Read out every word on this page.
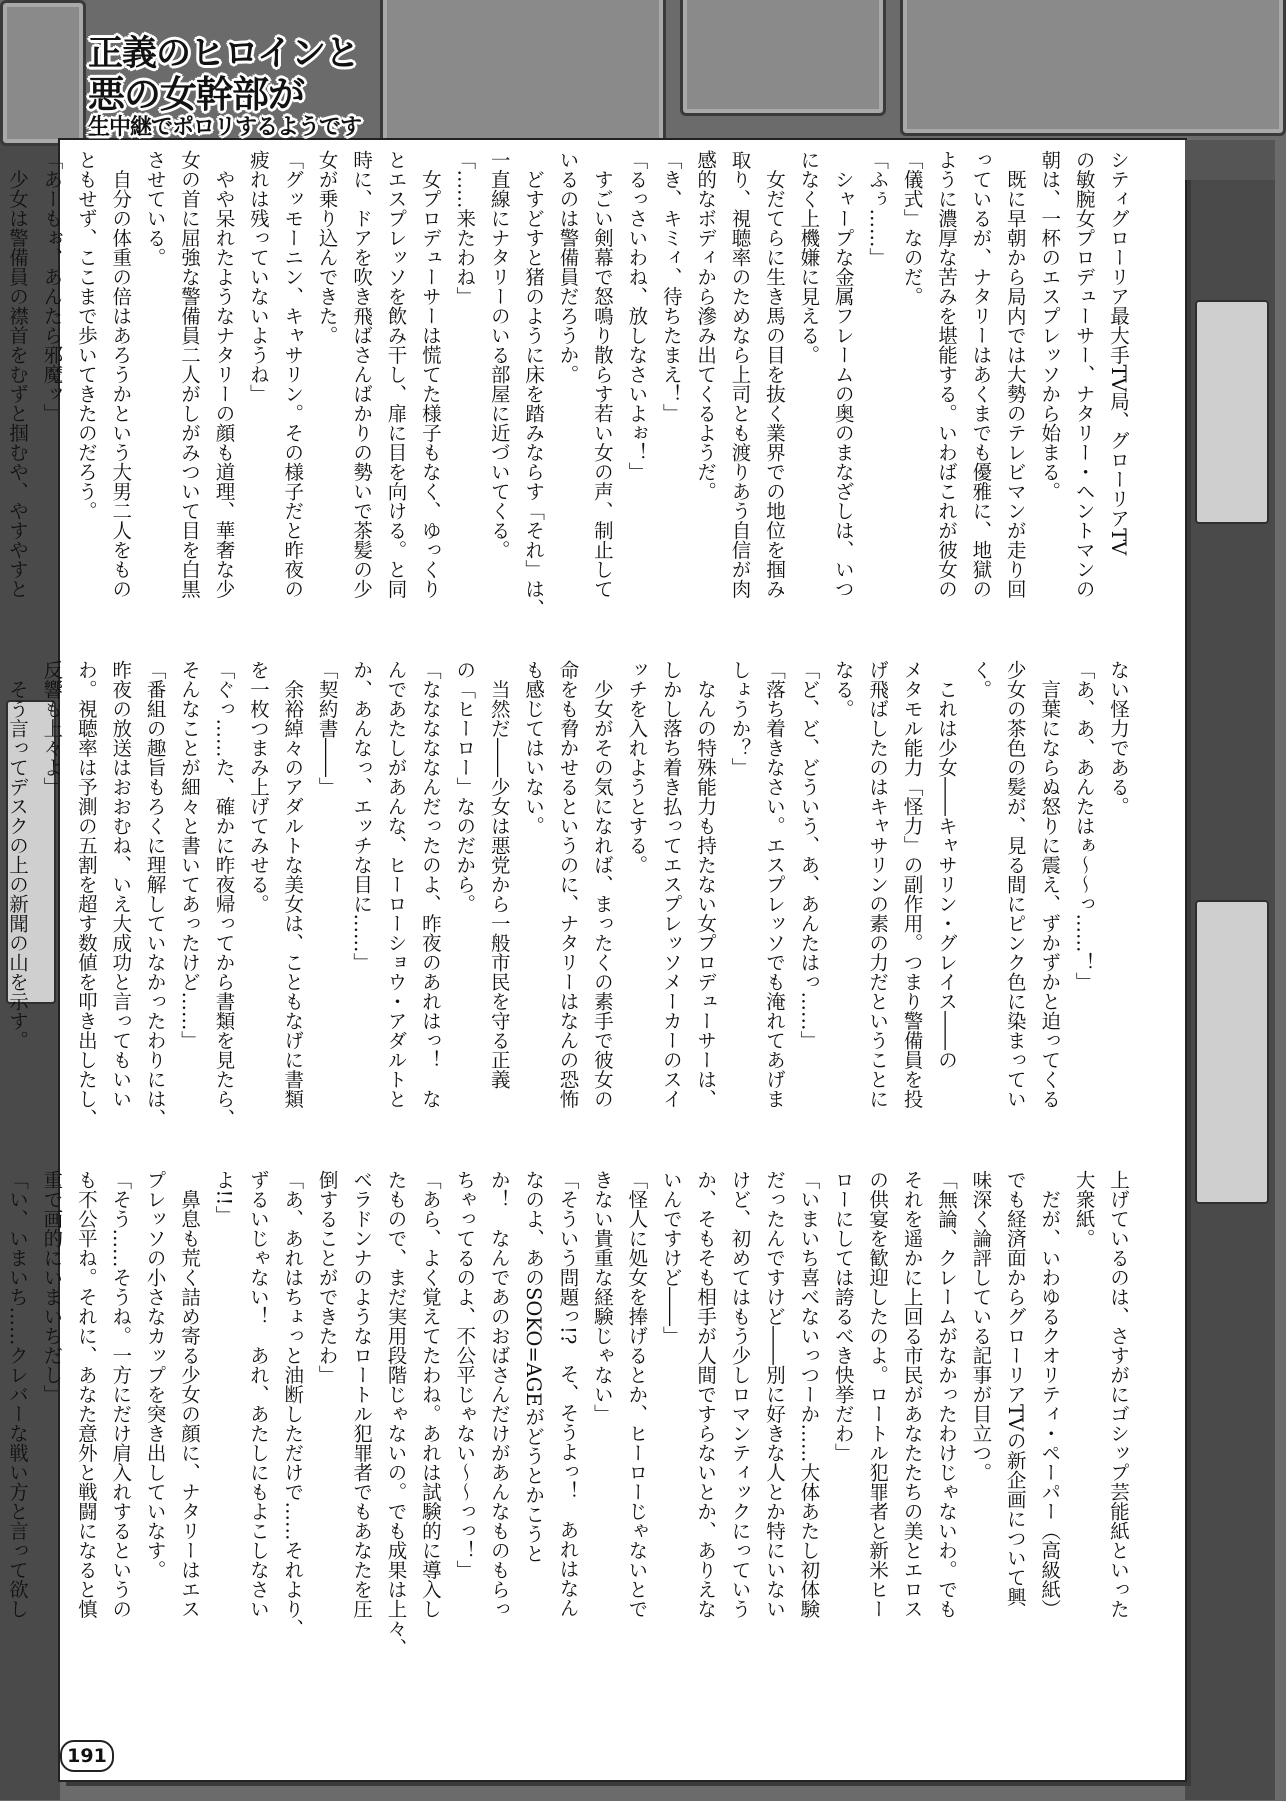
正義のヒロインと
悪の女幹部が
生中継でポロリするようです
シティグローリア最大手TV局、グローリアTV
の敏腕女プロデューサー、ナタリー・ヘントマンの
朝は、一杯のエスプレッソから始まる。
　既に早朝から局内では大勢のテレビマンが走り回
っているが、ナタリーはあくまでも優雅に、地獄の
ように濃厚な苦みを堪能する。いわばこれが彼女の
「儀式」なのだ。
「ふぅ……」
　シャープな金属フレームの奥のまなざしは、いつ
になく上機嫌に見える。
　女だてらに生き馬の目を抜く業界での地位を掴み
取り、視聴率のためなら上司とも渡りあう自信が肉
感的なボディから滲み出てくるようだ。
「き、キミィ、待ちたまえ！」
「るっさいわね、放しなさいよぉ！」
　すごい剣幕で怒鳴り散らす若い女の声、制止して
いるのは警備員だろうか。
　どすどすと猪のように床を踏みならす「それ」は、
一直線にナタリーのいる部屋に近づいてくる。
「……来たわね」
　女プロデューサーは慌てた様子もなく、ゆっくり
とエスプレッソを飲み干し、扉に目を向ける。と同
時に、ドアを吹き飛ばさんばかりの勢いで茶髪の少
女が乗り込んできた。
「グッモーニン、キャサリン。その様子だと昨夜の
疲れは残っていないようね」
　やや呆れたようなナタリーの顔も道理、華奢な少
女の首に屈強な警備員二人がしがみついて目を白黒
させている。
　自分の体重の倍はあろうかという大男二人をもの
ともせず、ここまで歩いてきたのだろう。
「あーもぉ、あんたら邪魔ッ」
　少女は警備員の襟首をむずと掴むや、やすやすと

ない怪力である。
「あ、あ、あんたはぁ〜〜っ……！」
　言葉にならぬ怒りに震え、ずかずかと迫ってくる
少女の茶色の髪が、見る間にピンク色に染まってい
く。
　これは少女――キャサリン・グレイス――の
メタモル能力「怪力」の副作用。つまり警備員を投
げ飛ばしたのはキャサリンの素の力だということに
なる。
「ど、ど、どういう、あ、あんたはっ……」
「落ち着きなさい。エスプレッソでも淹れてあげま
しょうか？」
　なんの特殊能力も持たない女プロデューサーは、
しかし落ち着き払ってエスプレッソメーカーのスイ
ッチを入れようとする。
　少女がその気になれば、まったくの素手で彼女の
命をも脅かせるというのに、ナタリーはなんの恐怖
も感じてはいない。
　当然だ――少女は悪党から一般市民を守る正義
の「ヒーロー」なのだから。
「なななななんだったのよ、昨夜のあれはっ！　な
んであたしがあんな、ヒーローショウ・アダルトと
か、あんなっ、エッチな目に……」
「契約書――」
　余裕綽々のアダルトな美女は、こともなげに書類
を一枚つまみ上げてみせる。
「ぐっ……た、確かに昨夜帰ってから書類を見たら、
そんなことが細々と書いてあったけど……」
「番組の趣旨もろくに理解していなかったわりには、
昨夜の放送はおおむね、いえ大成功と言ってもいい
わ。視聴率は予測の五割を超す数値を叩き出したし、
反響も上々よ」
　そう言ってデスクの上の新聞の山を示す。

上げているのは、さすがにゴシップ芸能紙といった
大衆紙。
　だが、いわゆるクオリティ・ペーパー（高級紙）
でも経済面からグローリアTVの新企画について興
味深く論評している記事が目立つ。
「無論、クレームがなかったわけじゃないわ。でも
それを遥かに上回る市民があなたたちの美とエロス
の供宴を歓迎したのよ。ロートル犯罪者と新米ヒー
ローにしては誇るべき快挙だわ」
「いまいち喜べないっつーか……大体あたし初体験
だったんですけど――別に好きな人とか特にいない
けど、初めてはもう少しロマンティックにっていう
か、そもそも相手が人間ですらないとか、ありえな
いんですけど――」
「怪人に処女を捧げるとか、ヒーローじゃないとで
きない貴重な経験じゃない」
「そういう問題っ!?　そ、そうよっ！　あれはなん
なのよ、あのSOKO=AGEがどうとかこうと
か！　なんであのおばさんだけがあんなものもらっ
ちゃってるのよ、不公平じゃない〜〜っっ！」
「あら、よく覚えてたわね。あれは試験的に導入し
たもので、まだ実用段階じゃないの。でも成果は上々、
ベラドンナのようなロートル犯罪者でもあなたを圧
倒することができたわ」
「あ、あれはちょっと油断しただけで……それより、
ずるいじゃない！　あれ、あたしにもよこしなさい
よ!!」
　鼻息も荒く詰め寄る少女の顔に、ナタリーはエス
プレッソの小さなカップを突き出していなす。
「そう……そうね。一方にだけ肩入れするというの
も不公平ね。それに、あなた意外と戦闘になると慎
重で画的にいまいちだし」
「い、いまいち……クレバーな戦い方と言って欲し

191
